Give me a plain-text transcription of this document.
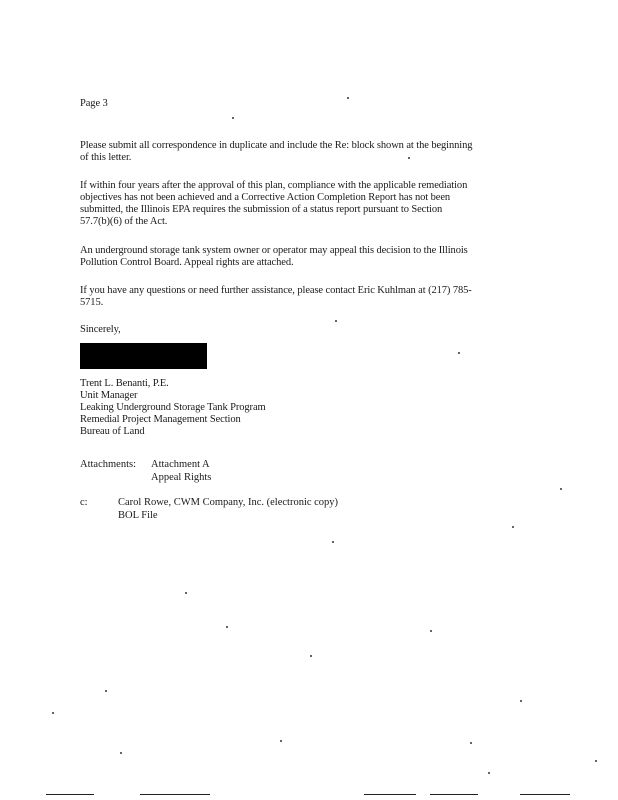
Page 3
Please submit all correspondence in duplicate and include the Re: block shown at the beginning
of this letter.
If within four years after the approval of this plan, compliance with the applicable remediation
objectives has not been achieved and a Corrective Action Completion Report has not been
submitted, the Illinois EPA requires the submission of a status report pursuant to Section
57.7(b)(6) of the Act.
An underground storage tank system owner or operator may appeal this decision to the Illinois
Pollution Control Board. Appeal rights are attached.
If you have any questions or need further assistance, please contact Eric Kuhlman at (217) 785-
5715.
Sincerely,
Trent L. Benanti, P.E.
Unit Manager
Leaking Underground Storage Tank Program
Remedial Project Management Section
Bureau of Land
Attachments: Attachment A
Appeal Rights
c:	Carol Rowe, CWM Company, Inc. (electronic copy)
BOL File
